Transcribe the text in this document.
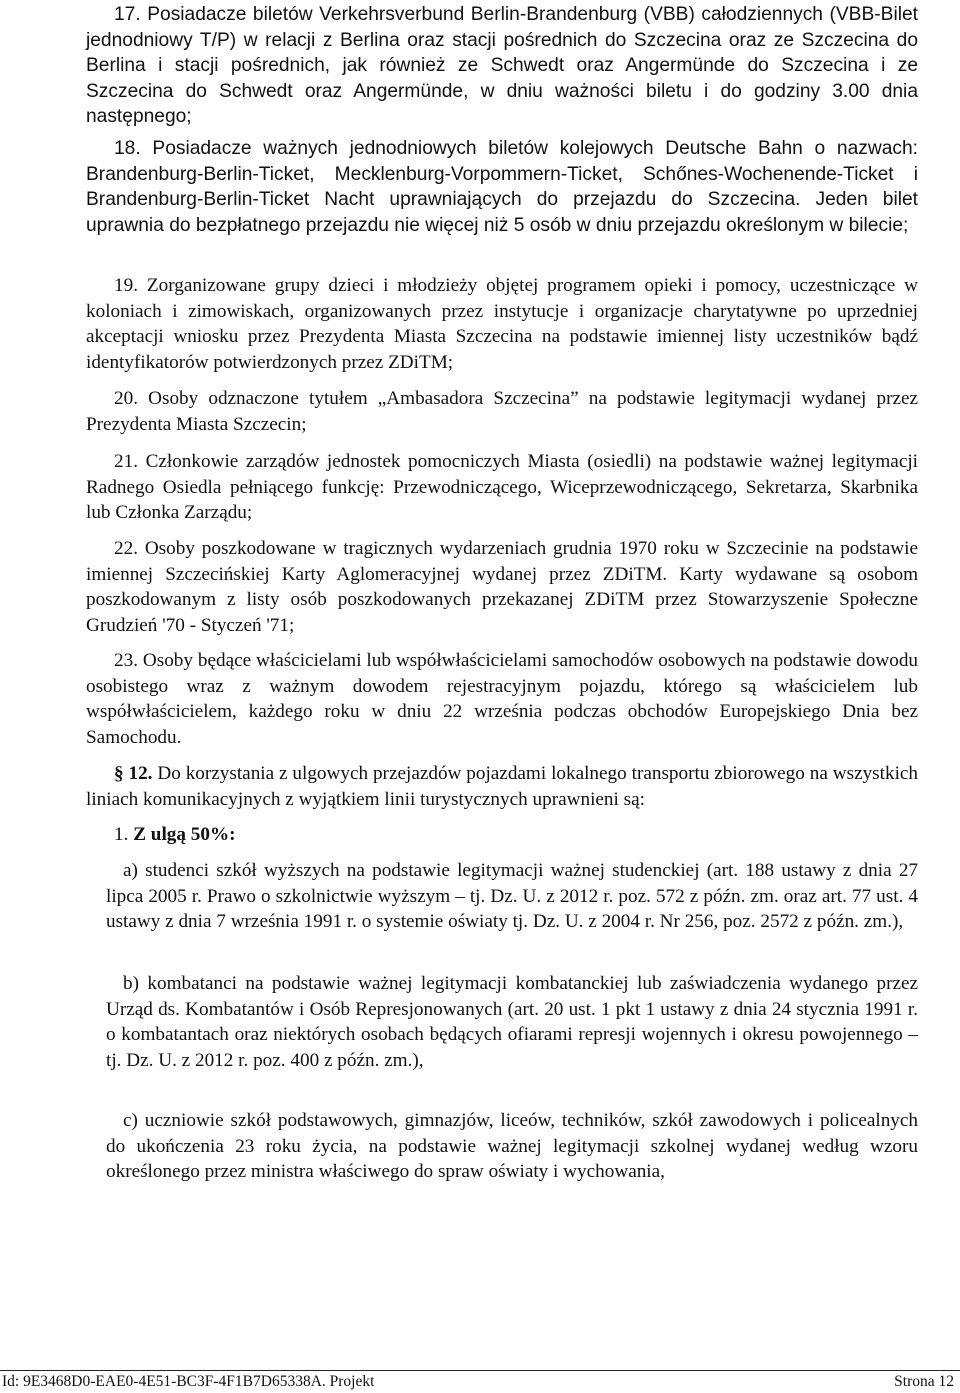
17. Posiadacze biletów Verkehrsverbund Berlin-Brandenburg (VBB) całodziennych (VBB-Bilet jednodniowy T/P) w relacji z Berlina oraz stacji pośrednich do Szczecina oraz ze Szczecina do Berlina i stacji pośrednich, jak również ze Schwedt oraz Angermünde do Szczecina i ze Szczecina do Schwedt oraz Angermünde, w dniu ważności biletu i do godziny 3.00 dnia następnego;

18. Posiadacze ważnych jednodniowych biletów kolejowych Deutsche Bahn o nazwach: Brandenburg-Berlin-Ticket, Mecklenburg-Vorpommern-Ticket, Schőnes-Wochenende-Ticket i Brandenburg-Berlin-Ticket Nacht uprawniających do przejazdu do Szczecina. Jeden bilet uprawnia do bezpłatnego przejazdu nie więcej niż 5 osób w dniu przejazdu określonym w bilecie;

19. Zorganizowane grupy dzieci i młodzieży objętej programem opieki i pomocy, uczestniczące w koloniach i zimowiskach, organizowanych przez instytucje i organizacje charytatywne po uprzedniej akceptacji wniosku przez Prezydenta Miasta Szczecina na podstawie imiennej listy uczestników bądź identyfikatorów potwierdzonych przez ZDiTM;

20. Osoby odznaczone tytułem „Ambasadora Szczecina” na podstawie legitymacji wydanej przez Prezydenta Miasta Szczecin;

21. Członkowie zarządów jednostek pomocniczych Miasta (osiedli) na podstawie ważnej legitymacji Radnego Osiedla pełniącego funkcję: Przewodniczącego, Wiceprzewodniczącego, Sekretarza, Skarbnika lub Członka Zarządu;

22. Osoby poszkodowane w tragicznych wydarzeniach grudnia 1970 roku w Szczecinie na podstawie imiennej Szczecińskiej Karty Aglomeracyjnej wydanej przez ZDiTM. Karty wydawane są osobom poszkodowanym z listy osób poszkodowanych przekazanej ZDiTM przez Stowarzyszenie Społeczne Grudzień '70 - Styczeń '71;

23. Osoby będące właścicielami lub współwłaścicielami samochodów osobowych na podstawie dowodu osobistego wraz z ważnym dowodem rejestracyjnym pojazdu, którego są właścicielem lub współwłaścicielem, każdego roku w dniu 22 września podczas obchodów Europejskiego Dnia bez Samochodu.

§ 12. Do korzystania z ulgowych przejazdów pojazdami lokalnego transportu zbiorowego na wszystkich liniach komunikacyjnych z wyjątkiem linii turystycznych uprawnieni są:

1. Z ulgą 50%:

a) studenci szkół wyższych na podstawie legitymacji ważnej studenckiej (art. 188 ustawy z dnia 27 lipca 2005 r. Prawo o szkolnictwie wyższym – tj. Dz. U. z 2012 r. poz. 572 z późn. zm. oraz art. 77 ust. 4 ustawy z dnia 7 września 1991 r. o systemie oświaty tj. Dz. U. z 2004 r. Nr 256, poz. 2572 z późn. zm.),

b) kombatanci na podstawie ważnej legitymacji kombatanckiej lub zaświadczenia wydanego przez Urząd ds. Kombatantów i Osób Represjonowanych (art. 20 ust. 1 pkt 1 ustawy z dnia 24 stycznia 1991 r. o kombatantach oraz niektórych osobach będących ofiarami represji wojennych i okresu powojennego – tj. Dz. U. z 2012 r. poz. 400 z późn. zm.),

c) uczniowie szkół podstawowych, gimnazjów, liceów, techników, szkół zawodowych i policealnych do ukończenia 23 roku życia, na podstawie ważnej legitymacji szkolnej wydanej według wzoru określonego przez ministra właściwego do spraw oświaty i wychowania,

Id: 9E3468D0-EAE0-4E51-BC3F-4F1B7D65338A. Projekt	Strona 12
